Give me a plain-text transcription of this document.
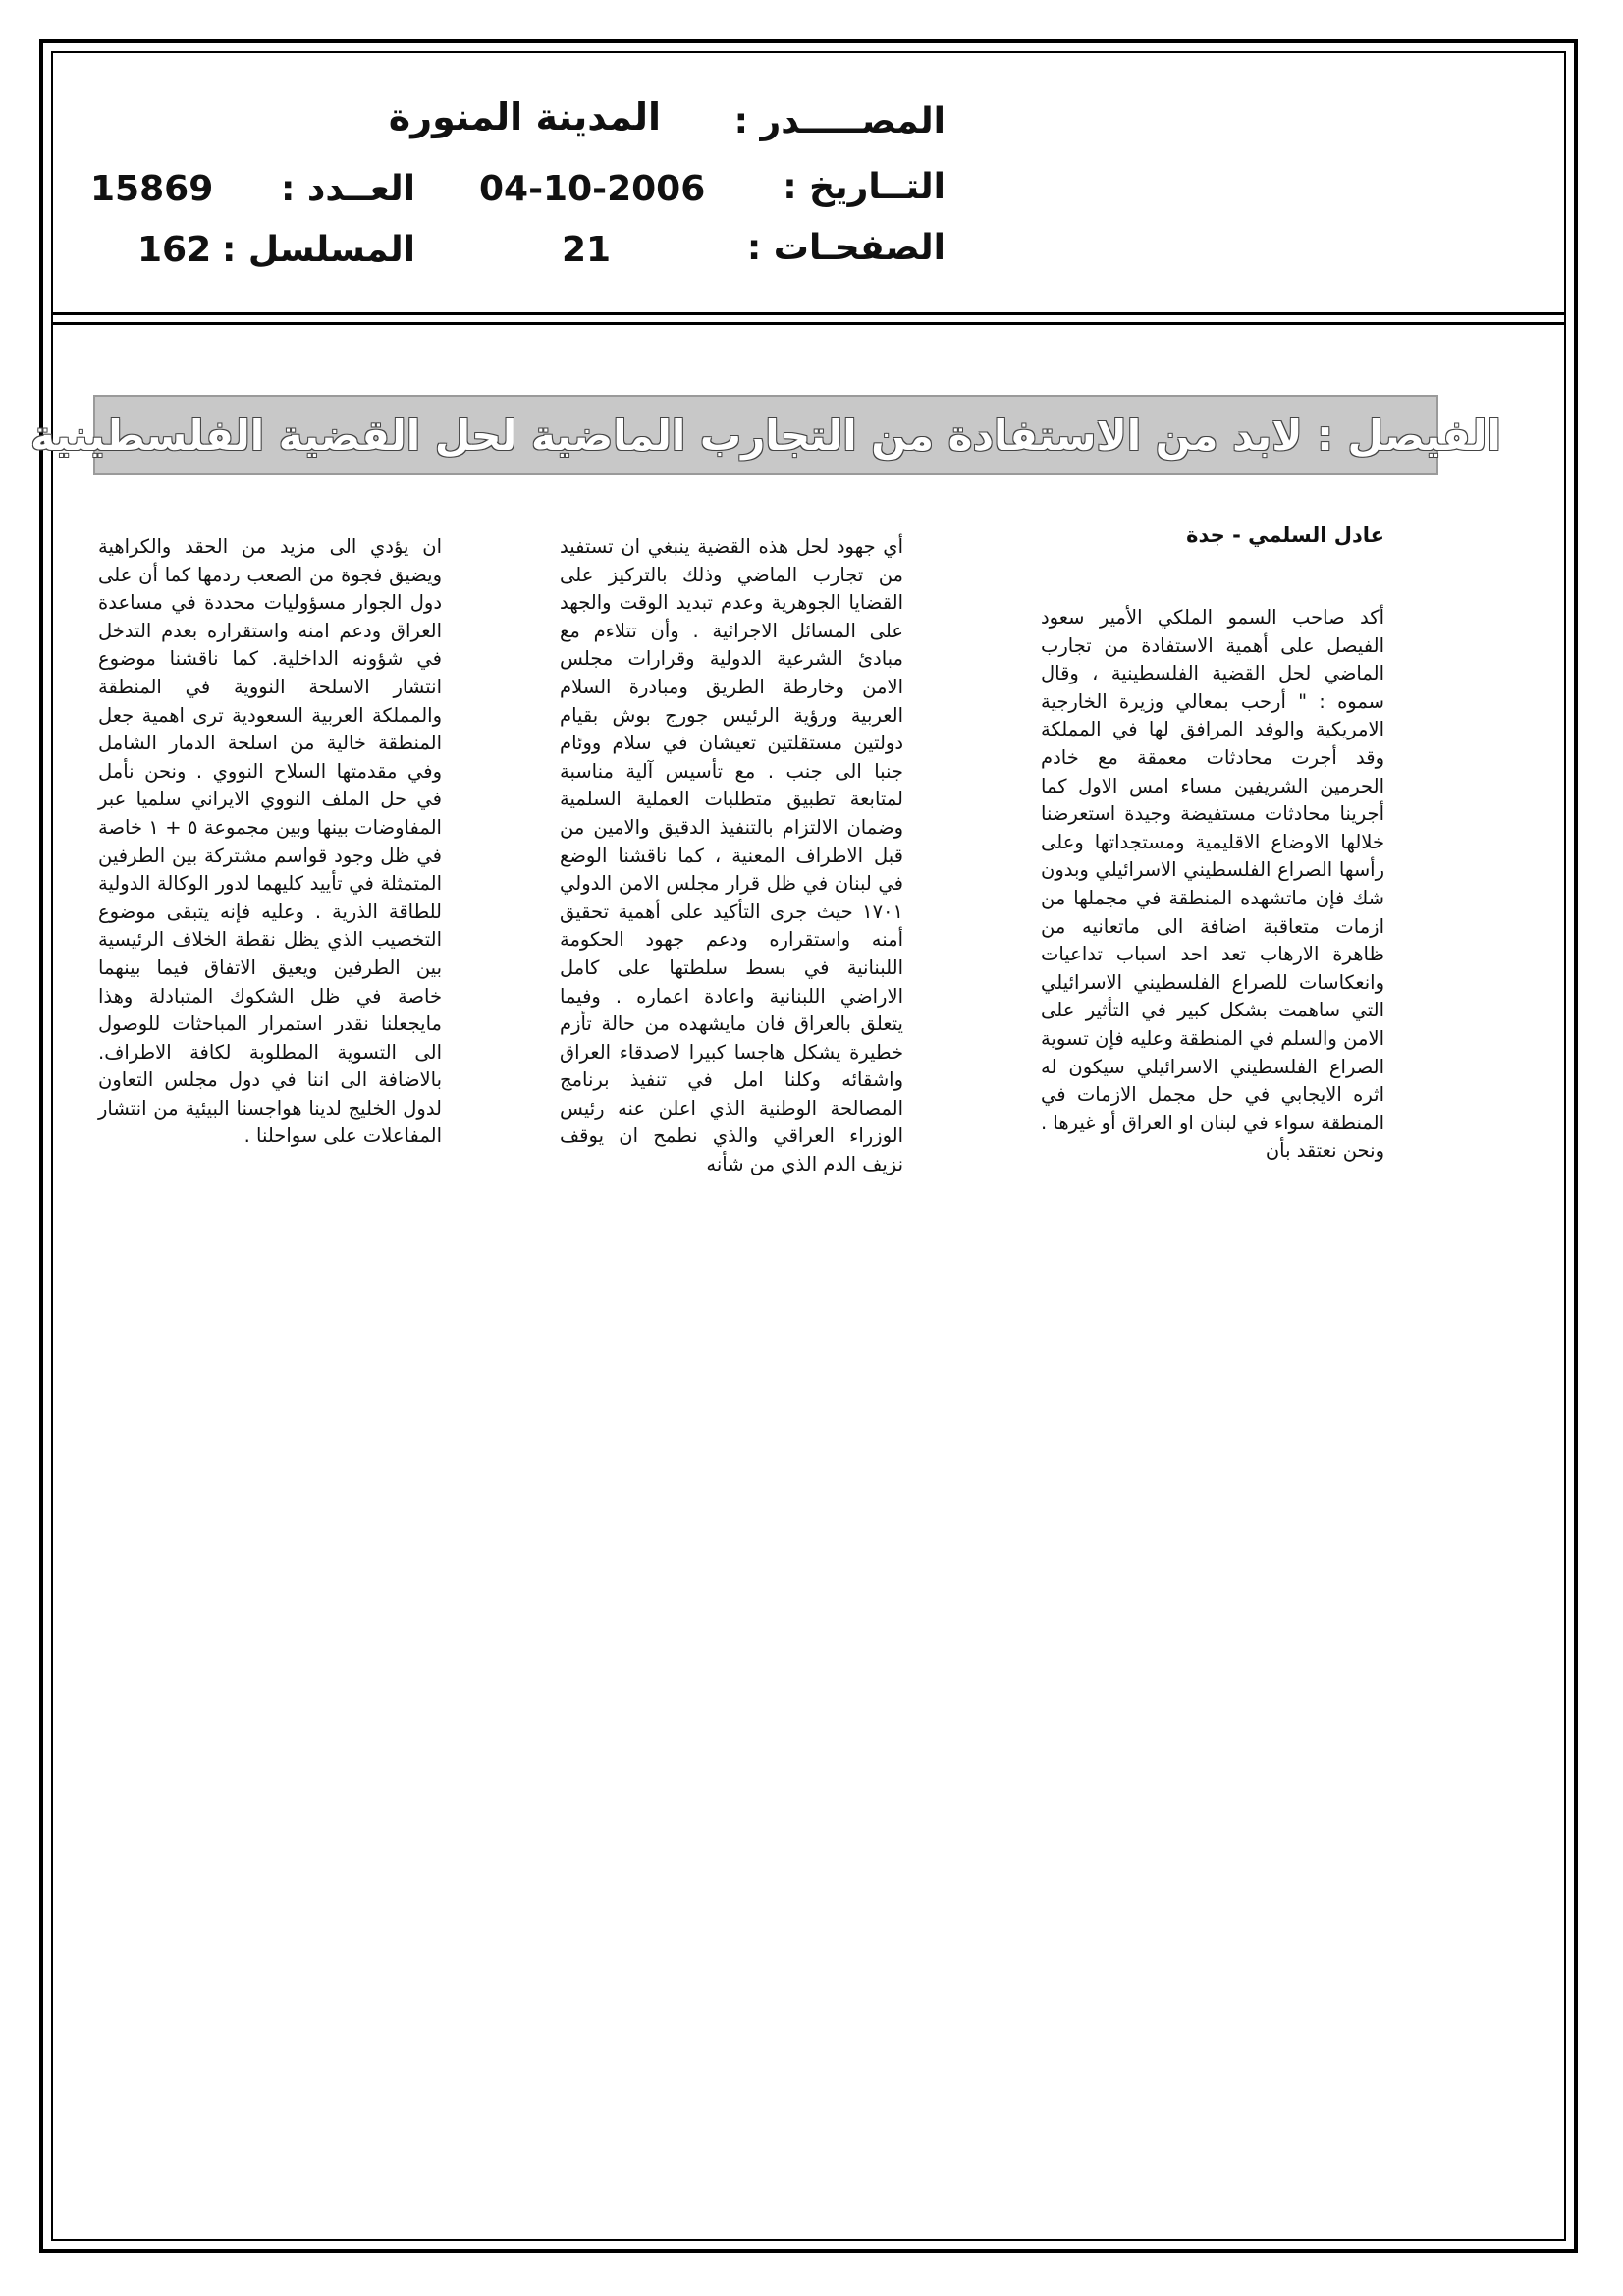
المصـــــدر :
المدينة المنورة
التــاريخ :
04-10-2006
العــدد :
15869
الصفحـات :
21
المسلسل :
162
الفيصل : لابد من الاستفادة من التجارب الماضية لحل القضية الفلسطينية
عادل السلمي - جدة
أكد صاحب السمو الملكي الأمير سعود الفيصل على أهمية الاستفادة من تجارب الماضي لحل القضية الفلسطينية ، وقال سموه : " أرحب بمعالي وزيرة الخارجية الامريكية والوفد المرافق لها في المملكة وقد أجرت محادثات معمقة مع خادم الحرمين الشريفين مساء امس الاول كما أجرينا محادثات مستفيضة وجيدة استعرضنا خلالها الاوضاع الاقليمية ومستجداتها وعلى رأسها الصراع الفلسطيني الاسرائيلي وبدون شك فإن ماتشهده المنطقة في مجملها من ازمات متعاقبة اضافة الى ماتعانيه من ظاهرة الارهاب تعد احد اسباب تداعيات وانعكاسات للصراع الفلسطيني الاسرائيلي التي ساهمت بشكل كبير في التأثير على الامن والسلم في المنطقة وعليه فإن تسوية الصراع الفلسطيني الاسرائيلي سيكون له اثره الايجابي في حل مجمل الازمات في المنطقة سواء في لبنان او العراق أو غيرها . ونحن نعتقد بأن
أي جهود لحل هذه القضية ينبغي ان تستفيد من تجارب الماضي وذلك بالتركيز على القضايا الجوهرية وعدم تبديد الوقت والجهد على المسائل الاجرائية . وأن تتلاءم مع مبادئ الشرعية الدولية وقرارات مجلس الامن وخارطة الطريق ومبادرة السلام العربية ورؤية الرئيس جورج بوش بقيام دولتين مستقلتين تعيشان في سلام ووئام جنبا الى جنب . مع تأسيس آلية مناسبة لمتابعة تطبيق متطلبات العملية السلمية وضمان الالتزام بالتنفيذ الدقيق والامين من قبل الاطراف المعنية ، كما ناقشنا الوضع في لبنان في ظل قرار مجلس الامن الدولي ١٧٠١ حيث جرى التأكيد على أهمية تحقيق أمنه واستقراره ودعم جهود الحكومة اللبنانية في بسط سلطتها على كامل الاراضي اللبنانية واعادة اعماره . وفيما يتعلق بالعراق فان مايشهده من حالة تأزم خطيرة يشكل هاجسا كبيرا لاصدقاء العراق واشقائه وكلنا امل في تنفيذ برنامج المصالحة الوطنية الذي اعلن عنه رئيس الوزراء العراقي والذي نطمح ان يوقف نزيف الدم الذي من شأنه
ان يؤدي الى مزيد من الحقد والكراهية ويضيق فجوة من الصعب ردمها كما أن على دول الجوار مسؤوليات محددة في مساعدة العراق ودعم امنه واستقراره بعدم التدخل في شؤونه الداخلية. كما ناقشنا موضوع انتشار الاسلحة النووية في المنطقة والمملكة العربية السعودية ترى اهمية جعل المنطقة خالية من اسلحة الدمار الشامل وفي مقدمتها السلاح النووي . ونحن نأمل في حل الملف النووي الايراني سلميا عبر المفاوضات بينها وبين مجموعة ٥ + ١ خاصة في ظل وجود قواسم مشتركة بين الطرفين المتمثلة في تأييد كليهما لدور الوكالة الدولية للطاقة الذرية . وعليه فإنه يتبقى موضوع التخصيب الذي يظل نقطة الخلاف الرئيسية بين الطرفين ويعيق الاتفاق فيما بينهما خاصة في ظل الشكوك المتبادلة وهذا مايجعلنا نقدر استمرار المباحثات للوصول الى التسوية المطلوبة لكافة الاطراف. بالاضافة الى اننا في دول مجلس التعاون لدول الخليج لدينا هواجسنا البيئية من انتشار المفاعلات على سواحلنا .
